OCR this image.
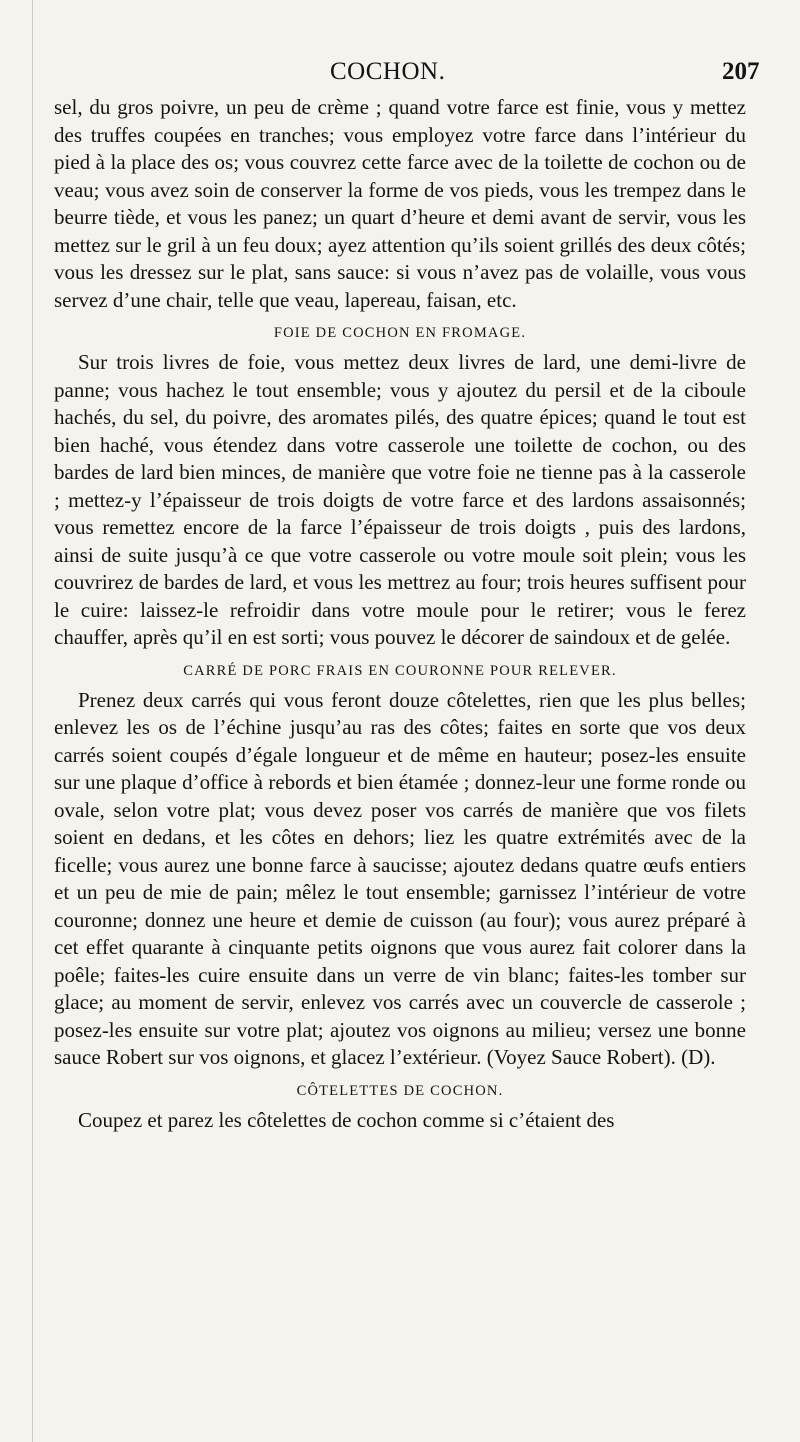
COCHON.	207

sel, du gros poivre, un peu de crème ; quand votre farce est finie, vous y mettez des truffes coupées en tranches; vous employez votre farce dans l’intérieur du pied à la place des os; vous couvrez cette farce avec de la toilette de cochon ou de veau; vous avez soin de conserver la forme de vos pieds, vous les trempez dans le beurre tiède, et vous les panez; un quart d’heure et demi avant de servir, vous les mettez sur le gril à un feu doux; ayez attention qu’ils soient grillés des deux côtés; vous les dressez sur le plat, sans sauce: si vous n’avez pas de volaille, vous vous servez d’une chair, telle que veau, lapereau, faisan, etc.

FOIE DE COCHON EN FROMAGE.

Sur trois livres de foie, vous mettez deux livres de lard, une demi-livre de panne; vous hachez le tout ensemble; vous y ajoutez du persil et de la ciboule hachés, du sel, du poivre, des aromates pilés, des quatre épices; quand le tout est bien haché, vous étendez dans votre casserole une toilette de cochon, ou des bardes de lard bien minces, de manière que votre foie ne tienne pas à la casserole ; mettez-y l’épaisseur de trois doigts de votre farce et des lardons assaisonnés; vous remettez encore de la farce l’épaisseur de trois doigts , puis des lardons, ainsi de suite jusqu’à ce que votre casserole ou votre moule soit plein; vous les couvrirez de bardes de lard, et vous les mettrez au four; trois heures suffisent pour le cuire: laissez-le refroidir dans votre moule pour le retirer; vous le ferez chauffer, après qu’il en est sorti; vous pouvez le décorer de saindoux et de gelée.

CARRÉ DE PORC FRAIS EN COURONNE POUR RELEVER.

Prenez deux carrés qui vous feront douze côtelettes, rien que les plus belles; enlevez les os de l’échine jusqu’au ras des côtes; faites en sorte que vos deux carrés soient coupés d’égale longueur et de même en hauteur; posez-les ensuite sur une plaque d’office à rebords et bien étamée ; donnez-leur une forme ronde ou ovale, selon votre plat; vous devez poser vos carrés de manière que vos filets soient en dedans, et les côtes en dehors; liez les quatre extrémités avec de la ficelle; vous aurez une bonne farce à saucisse; ajoutez dedans quatre œufs entiers et un peu de mie de pain; mêlez le tout ensemble; garnissez l’intérieur de votre couronne; donnez une heure et demie de cuisson (au four); vous aurez préparé à cet effet quarante à cinquante petits oignons que vous aurez fait colorer dans la poêle; faites-les cuire ensuite dans un verre de vin blanc; faites-les tomber sur glace; au moment de servir, enlevez vos carrés avec un couvercle de casserole ; posez-les ensuite sur votre plat; ajoutez vos oignons au milieu; versez une bonne sauce Robert sur vos oignons, et glacez l’extérieur. (Voyez Sauce Robert). (D).

CÔTELETTES DE COCHON.

Coupez et parez les côtelettes de cochon comme si c’étaient des
